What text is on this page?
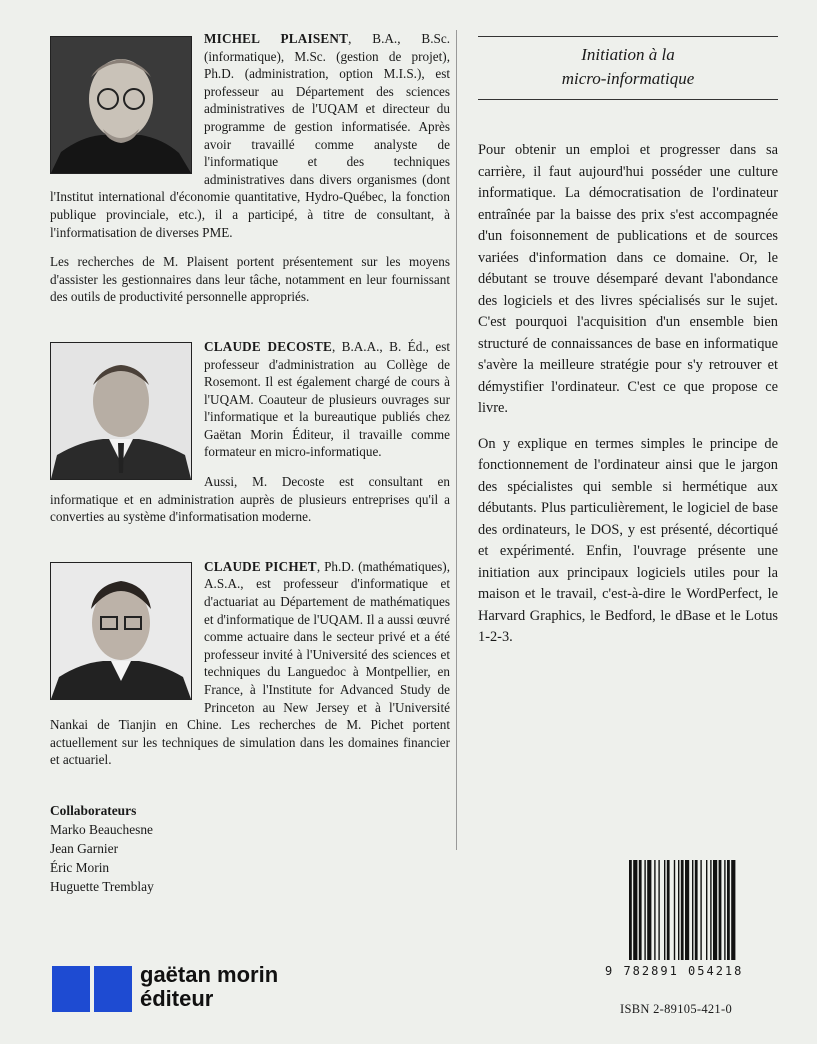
MICHEL PLAISENT, B.A., B.Sc. (informatique), M.Sc. (gestion de projet), Ph.D. (administration, option M.I.S.), est professeur au Département des sciences administratives de l'UQAM et directeur du programme de gestion informatisée. Après avoir travaillé comme analyste de l'informatique et des techniques administratives dans divers organismes (dont l'Institut international d'économie quantitative, Hydro-Québec, la fonction publique provinciale, etc.), il a participé, à titre de consultant, à l'informatisation de diverses PME.

Les recherches de M. Plaisent portent présentement sur les moyens d'assister les gestionnaires dans leur tâche, notamment en leur fournissant des outils de productivité personnelle appropriés.

CLAUDE DECOSTE, B.A.A., B. Éd., est professeur d'administration au Collège de Rosemont. Il est également chargé de cours à l'UQAM. Coauteur de plusieurs ouvrages sur l'informatique et la bureautique publiés chez Gaëtan Morin Éditeur, il travaille comme formateur en micro-informatique.

Aussi, M. Decoste est consultant en informatique et en administration auprès de plusieurs entreprises qu'il a converties au système d'informatisation moderne.

CLAUDE PICHET, Ph.D. (mathématiques), A.S.A., est professeur d'informatique et d'actuariat au Département de mathématiques et d'informatique de l'UQAM. Il a aussi œuvré comme actuaire dans le secteur privé et a été professeur invité à l'Université des sciences et techniques du Languedoc à Montpellier, en France, à l'Institute for Advanced Study de Princeton au New Jersey et à l'Université Nankai de Tianjin en Chine. Les recherches de M. Pichet portent actuellement sur les techniques de simulation dans les domaines financier et actuariel.

Collaborateurs
Marko Beauchesne
Jean Garnier
Éric Morin
Huguette Tremblay
Initiation à la
micro-informatique

Pour obtenir un emploi et progresser dans sa carrière, il faut aujourd'hui posséder une culture informatique. La démocratisation de l'ordinateur entraînée par la baisse des prix s'est accompagnée d'un foisonnement de publications et de sources variées d'information dans ce domaine. Or, le débutant se trouve désemparé devant l'abondance des logiciels et des livres spécialisés sur le sujet. C'est pourquoi l'acquisition d'un ensemble bien structuré de connaissances de base en informatique s'avère la meilleure stratégie pour s'y retrouver et démystifier l'ordinateur. C'est ce que propose ce livre.

On y explique en termes simples le principe de fonctionnement de l'ordinateur ainsi que le jargon des spécialistes qui semble si hermétique aux débutants. Plus particulièrement, le logiciel de base des ordinateurs, le DOS, y est présenté, décortiqué et expérimenté. Enfin, l'ouvrage présente une initiation aux principaux logiciels utiles pour la maison et le travail, c'est-à-dire le WordPerfect, le Harvard Graphics, le Bedford, le dBase et le Lotus 1-2-3.

9 782891 054218
ISBN 2-89105-421-0
gaëtan morin
éditeur
